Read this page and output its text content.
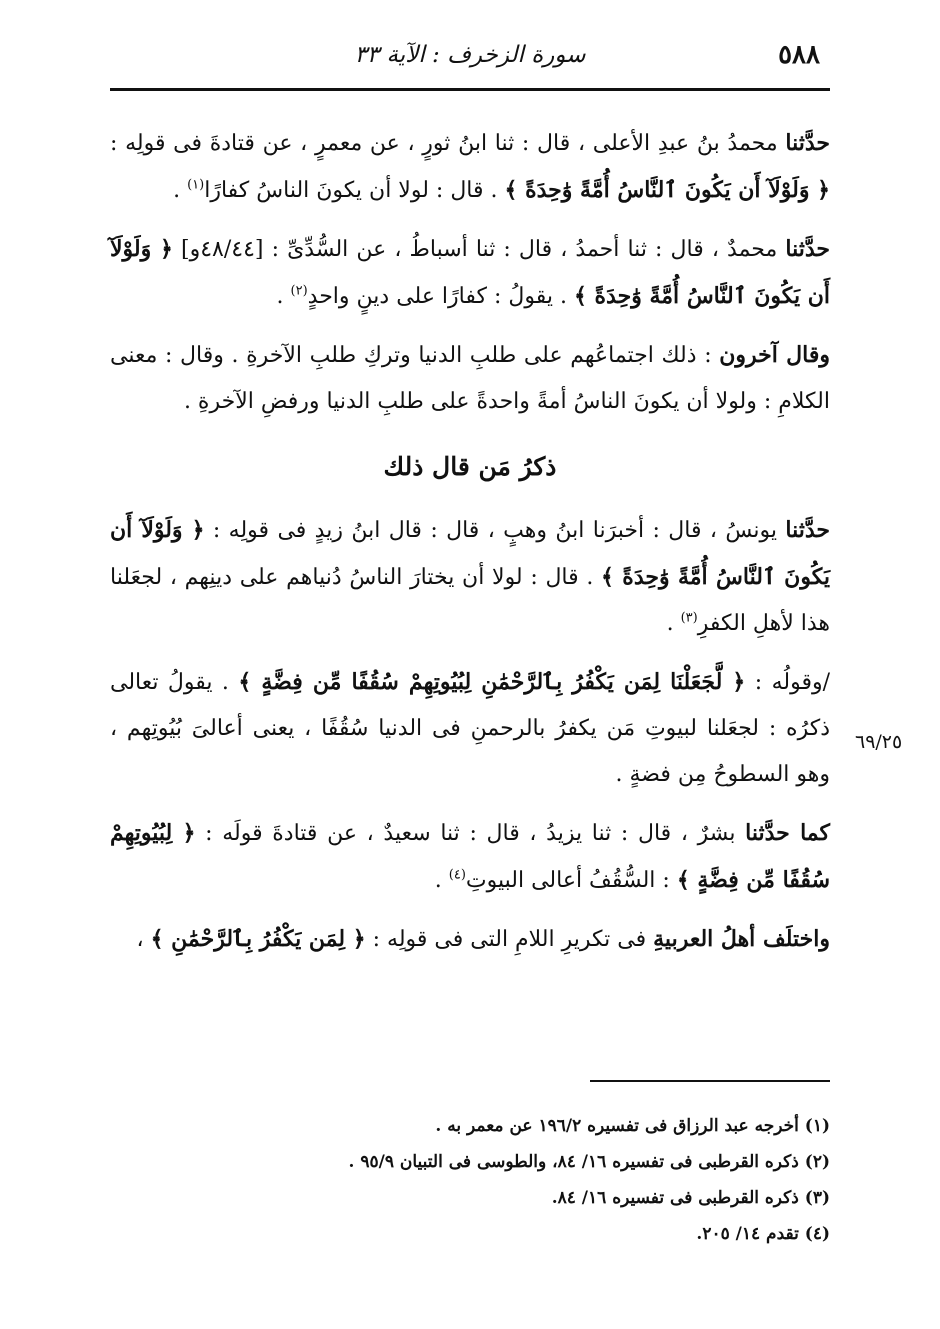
٥٨٨
سورة الزخرف : الآية ٣٣
٦٩/٢٥

حدَّثنا محمدُ بنُ عبدِ الأعلى ، قال : ثنا ابنُ ثورٍ ، عن معمرٍ ، عن قتادةَ فى قولِه : ﴿ وَلَوْلَآ أَن يَكُونَ ٱلنَّاسُ أُمَّةً وَٰحِدَةً ﴾ . قال : لولا أن يكونَ الناسُ كفارًا$^{(١)}$ .

حدَّثنا محمدٌ ، قال : ثنا أحمدُ ، قال : ثنا أسباطُ ، عن السُّدِّىِّ : [٤٨/٤٤و] ﴿ وَلَوْلَآ أَن يَكُونَ ٱلنَّاسُ أُمَّةً وَٰحِدَةً ﴾ . يقولُ : كفارًا على دينٍ واحدٍ$^{(٢)}$ .

وقال آخرون : ذلك اجتماعُهم على طلبِ الدنيا وتركِ طلبِ الآخرةِ . وقال : معنى الكلامِ : ولولا أن يكونَ الناسُ أمةً واحدةً على طلبِ الدنيا ورفضِ الآخرةِ .

ذكرُ مَن قال ذلك

حدَّثنا يونسُ ، قال : أخبرَنا ابنُ وهبٍ ، قال : قال ابنُ زيدٍ فى قولِه : ﴿ وَلَوْلَآ أَن يَكُونَ ٱلنَّاسُ أُمَّةً وَٰحِدَةً ﴾ . قال : لولا أن يختارَ الناسُ دُنياهم على دينِهم ، لجعَلنا هذا لأهلِ الكفرِ$^{(٣)}$ .

/وقولُه : ﴿ لَّجَعَلْنَا لِمَن يَكْفُرُ بِٱلرَّحْمَٰنِ لِبُيُوتِهِمْ سُقُفًا مِّن فِضَّةٍ ﴾ . يقولُ تعالى ذكرُه : لجعَلنا لبيوتِ مَن يكفرُ بالرحمنِ فى الدنيا سُقُفًا ، يعنى أعالىَ بُيُوتِهم ، وهو السطوحُ مِن فضةٍ .

كما حدَّثنا بشرٌ ، قال : ثنا يزيدُ ، قال : ثنا سعيدٌ ، عن قتادةَ قولَه : ﴿ لِبُيُوتِهِمْ سُقُفًا مِّن فِضَّةٍ ﴾ : السُّقُفُ أعالى البيوتِ$^{(٤)}$ .

واختلَف أهلُ العربيةِ فى تكريرِ اللامِ التى فى قولِه : ﴿ لِمَن يَكْفُرُ بِٱلرَّحْمَٰنِ ﴾ ،

(١) أخرجه عبد الرزاق فى تفسيره ١٩٦/٢ عن معمر به .
(٢) ذكره القرطبى فى تفسيره ١٦/ ٨٤، والطوسى فى التبيان ٩٥/٩ .
(٣) ذكره القرطبى فى تفسيره ١٦/ ٨٤.
(٤) تقدم ١٤/ ٢٠٥.
